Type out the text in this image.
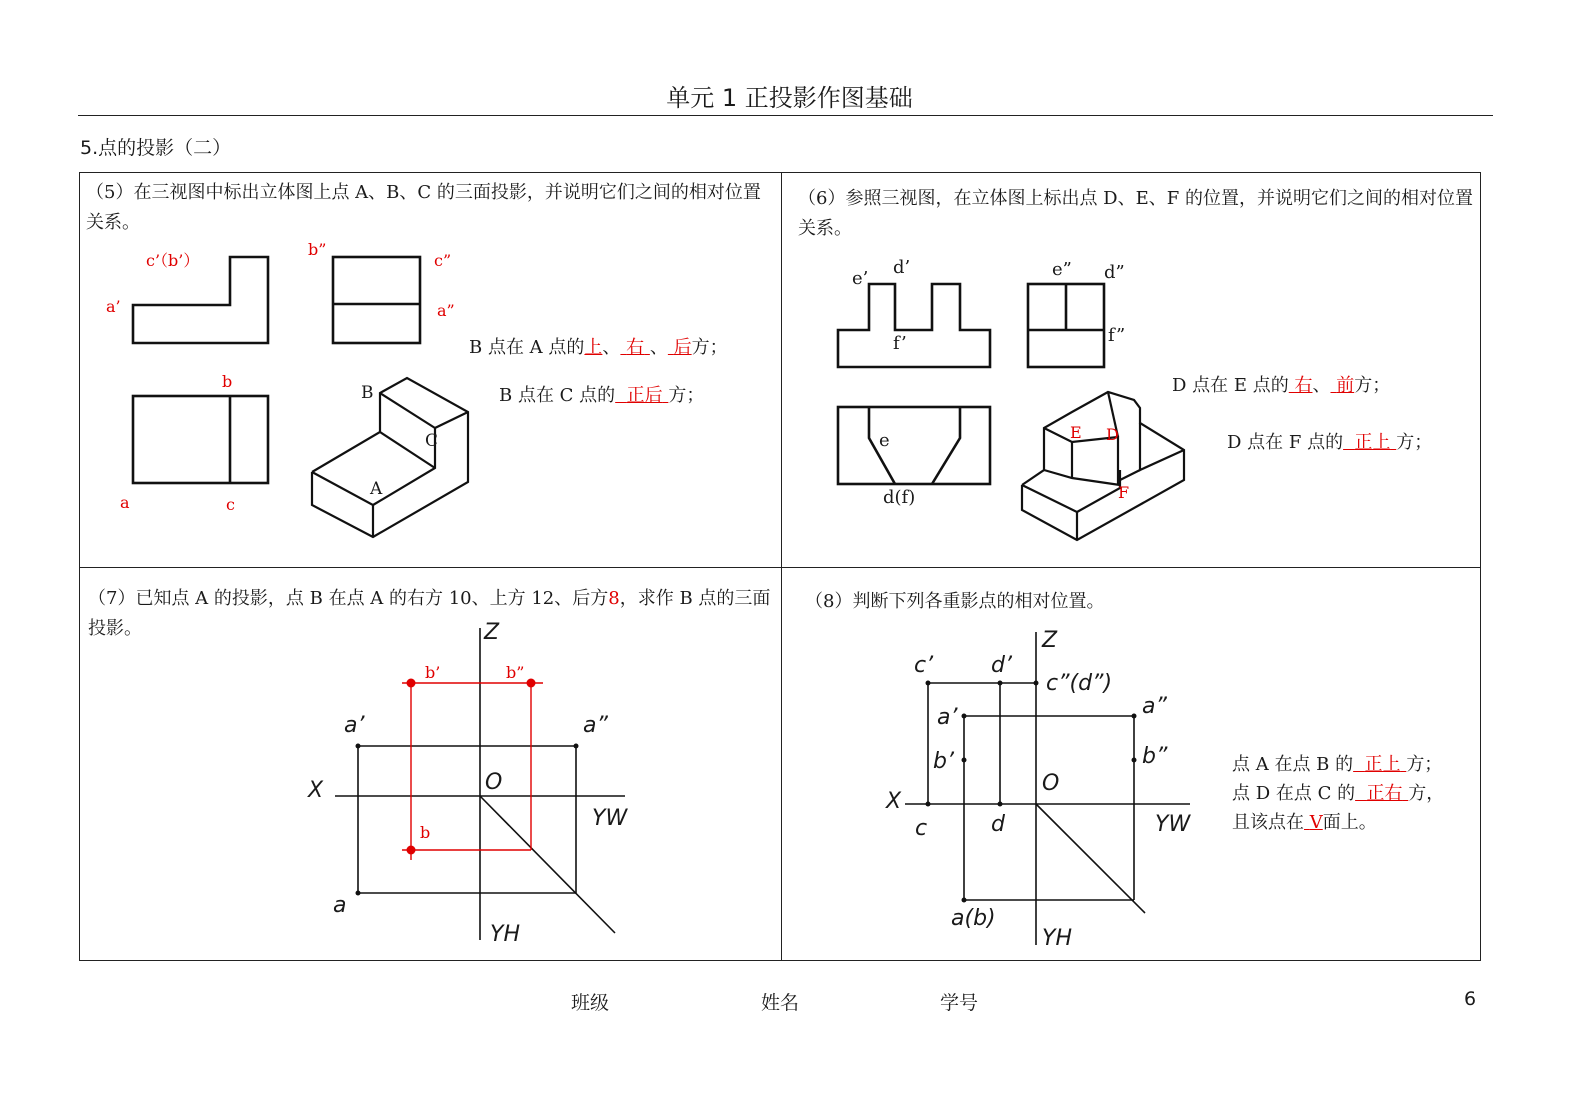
单元 1 正投影作图基础
5.点的投影（二）
（5）在三视图中标出立体图上点 A、B、C 的三面投影，并说明它们之间的相对位置关系。
c’（b’）
a’
b”
c”
a”
b
a	c
B
C
A
B 点在 A 点的上、 右 、 后方；
B 点在 C 点的 正后 方；
（6）参照三视图，在立体图上标出点 D、E、F 的位置，并说明它们之间的相对位置关系。
e’
d’
f’
e” d”
f”
e
d(f)
E D
F
D 点在 E 点的 右、 前方；
D 点在 F 点的 正上 方；
（7）已知点 A 的投影，点 B 在点 A 的右方 10、上方 12、后方8，求作 B 点的三面投影。	Z
X	O
YW
YH
a’	a”
a
b’	b”
b
（8）判断下列各重影点的相对位置。
Z
X
O
YW
YH
c’	d’
c”(d”)
a’	a”
b’	b”
c	d
a(b)
点 A 在点 B 的 正上 方；
点 D 在点 C 的 正右 方，
且该点在 V面上。
班级	姓名	学号	6
